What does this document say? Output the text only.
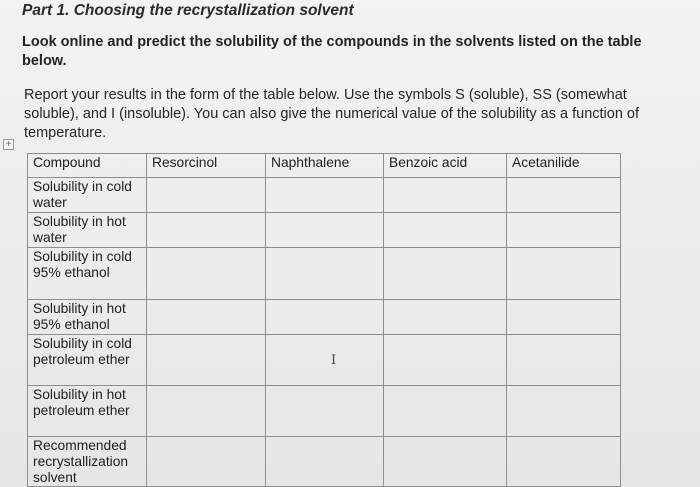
Part 1. Choosing the recrystallization solvent
Look online and predict the solubility of the compounds in the solvents listed on the table below.
Report your results in the form of the table below. Use the symbols S (soluble), SS (somewhat soluble), and I (insoluble). You can also give the numerical value of the solubility as a function of temperature.
+
Compound	Resorcinol	Naphthalene	Benzoic acid	Acetanilide
Solubility in cold water				
Solubility in hot water				
Solubility in cold 95% ethanol				
Solubility in hot 95% ethanol				
Solubility in cold petroleum ether				
Solubility in hot petroleum ether				
Recommended recrystallization solvent				
I
